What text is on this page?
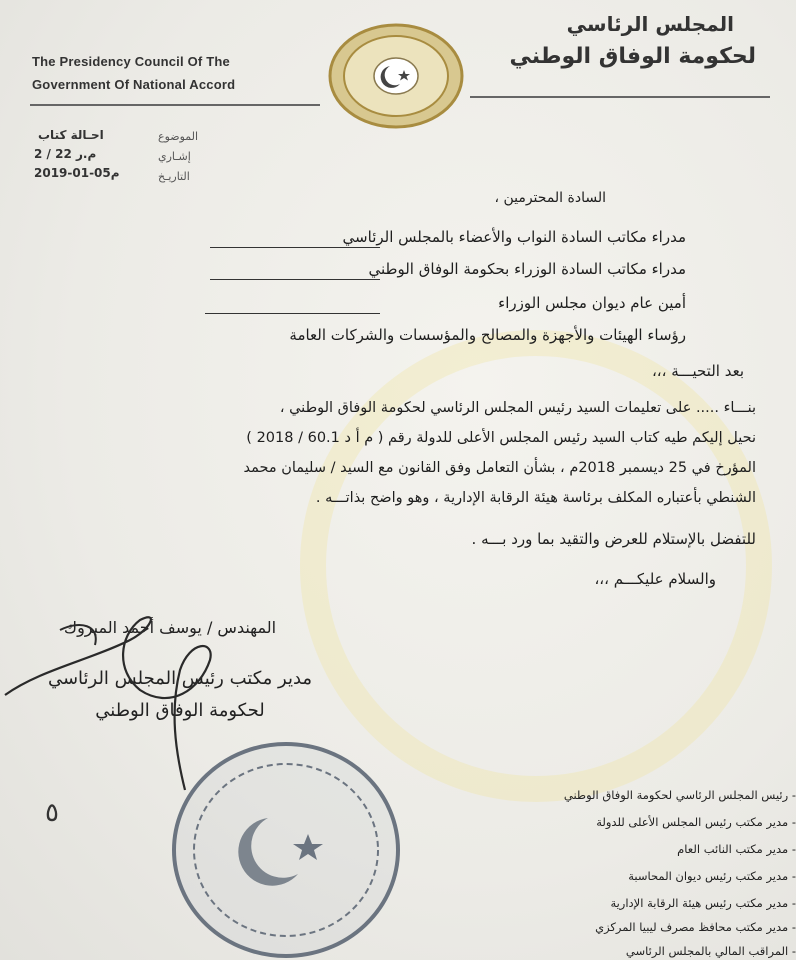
The Presidency Council Of The
Government Of National Accord
المجلس الرئاسي
لحكومة الوفاق الوطني
الموضوع
احـالة كتاب
إشـاري
م.ر 22 / 2
التاريـخ
2019-01-05م
السادة المحترمين ،
مدراء مكاتب السادة النواب والأعضاء بالمجلس الرئاسي
مدراء مكاتب السادة الوزراء بحكومة الوفاق الوطني
أمين عام ديوان مجلس الوزراء
رؤساء الهيئات والأجهزة والمصالح والمؤسسات والشركات العامة
بعد التحيـــة ،،،
بنـــاء ..... على تعليمات السيد رئيس المجلس الرئاسي لحكومة الوفاق الوطني ،
نحيل إليكم طيه كتاب السيد رئيس المجلس الأعلى للدولة رقم ( م أ د 60.1 / 2018 )
المؤرخ في 25 ديسمبر 2018م ، بشأن التعامل وفق القانون مع السيد / سليمان محمد
الشنطي بأعتباره المكلف برئاسة هيئة الرقابة الإدارية ، وهو واضح بذاتـــه .
للتفضل بالإستلام للعرض والتقيد بما ورد بـــه .
والسلام عليكـــم ،،،
المهندس / يوسف أحمد المبروك
مدير مكتب رئيس المجلس الرئاسي
لحكومة الوفاق الوطني
٥
- رئيس المجلس الرئاسي لحكومة الوفاق الوطني
- مدير مكتب رئيس المجلس الأعلى للدولة
- مدير مكتب النائب العام
- مدير مكتب رئيس ديوان المحاسبة
- مدير مكتب رئيس هيئة الرقابة الإدارية
- مدير مكتب محافظ مصرف ليبيا المركزي
- المراقب المالي بالمجلس الرئاسي
